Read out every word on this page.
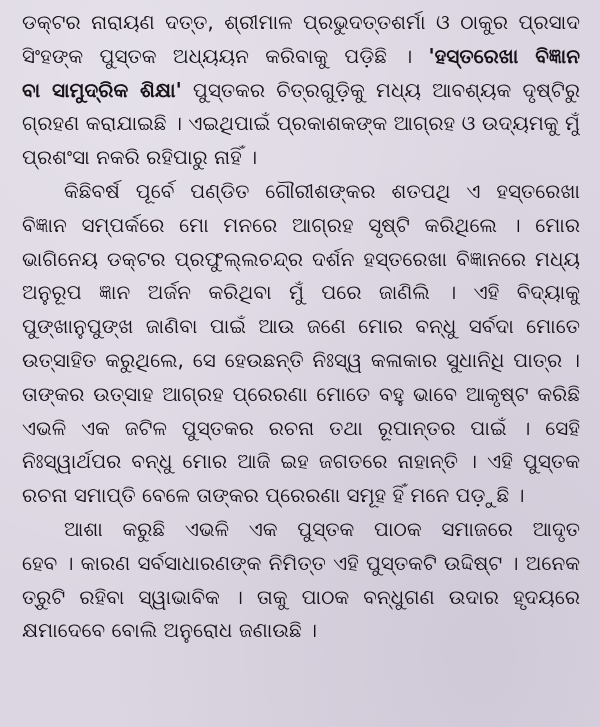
ଡକ୍ଟର ନାରାୟଣ ଦତ୍ତ, ଶ୍ରୀମାଳ ପ୍ରଭୁଦତ୍ତଶର୍ମା ଓ ଠାକୁର ପ୍ରସାଦ
ସିଂହଙ୍କ ପୁସ୍ତକ ଅଧ୍ୟୟନ କରିବାକୁ ପଡ଼ିଛି । 'ହସ୍ତରେଖା ବିଜ୍ଞାନ
ବା ସାମୁଦ୍ରିକ ଶିକ୍ଷା' ପୁସ୍ତକର ଚିତ୍ରଗୁଡ଼ିକୁ ମଧ୍ୟ ଆବଶ୍ୟକ ଦୃଷ୍ଟିରୁ
ଗ୍ରହଣ କରାଯାଇଛି । ଏଇଥିପାଇଁ ପ୍ରକାଶକଙ୍କ ଆଗ୍ରହ ଓ ଉଦ୍ୟମକୁ ମୁଁ
ପ୍ରଶଂସା ନକରି ରହିପାରୁ ନାହିଁ ।
କିଛିବର୍ଷ ପୂର୍ବେ ପଣ୍ଡିତ ଗୌରୀଶଙ୍କର ଶତପଥି ଏ ହସ୍ତରେଖା
ବିଜ୍ଞାନ ସମ୍ପର୍କରେ ମୋ ମନରେ ଆଗ୍ରହ ସୃଷ୍ଟି କରିଥିଲେ । ମୋର
ଭାଗିନେୟ ଡକ୍ଟର ପ୍ରଫୁଲ୍ଲଚନ୍ଦ୍ର ଦର୍ଶନ ହସ୍ତରେଖା ବିଜ୍ଞାନରେ ମଧ୍ୟ
ଅନୁରୂପ ଜ୍ଞାନ ଅର୍ଜନ କରିଥିବା ମୁଁ ପରେ ଜାଣିଲି । ଏହି ବିଦ୍ୟାକୁ
ପୁଙ୍ଖାନୁପୁଙ୍ଖ ଜାଣିବା ପାଇଁ ଆଉ ଜଣେ ମୋର ବନ୍ଧୁ ସର୍ବଦା ମୋତେ
ଉତ୍ସାହିତ କରୁଥିଲେ, ସେ ହେଉଛନ୍ତି ନିଃସ୍ୱ କଳାକାର ସୁଧାନିଧି ପାତ୍ର ।
ତାଙ୍କର ଉତ୍ସାହ ଆଗ୍ରହ ପ୍ରେରଣା ମୋତେ ବହୁ ଭାବେ ଆକୃଷ୍ଟ କରିଛି
ଏଭଳି ଏକ ଜଟିଳ ପୁସ୍ତକର ରଚନା ତଥା ରୂପାନ୍ତର ପାଇଁ । ସେହି
ନିଃସ୍ୱାର୍ଥପର ବନ୍ଧୁ ମୋର ଆଜି ଇହ ଜଗତରେ ନାହାନ୍ତି । ଏହି ପୁସ୍ତକ
ରଚନା ସମାପ୍ତି ବେଳେ ତାଙ୍କର ପ୍ରେରଣା ସମୂହ ହିଁ ମନେ ପଡ଼ୁଛି ।
ଆଶା କରୁଛି ଏଭଳି ଏକ ପୁସ୍ତକ ପାଠକ ସମାଜରେ ଆଦୃତ
ହେବ । କାରଣ ସର୍ବସାଧାରଣଙ୍କ ନିମିତ୍ତ ଏହି ପୁସ୍ତକଟି ଉଦ୍ଦିଷ୍ଟ । ଅନେକ
ତ୍ରୁଟି ରହିବା ସ୍ୱାଭାବିକ । ତାକୁ ପାଠକ ବନ୍ଧୁଗଣ ଉଦାର ହୃଦୟରେ
କ୍ଷମାଦେବେ ବୋଲି ଅନୁରୋଧ ଜଣାଉଛି ।
